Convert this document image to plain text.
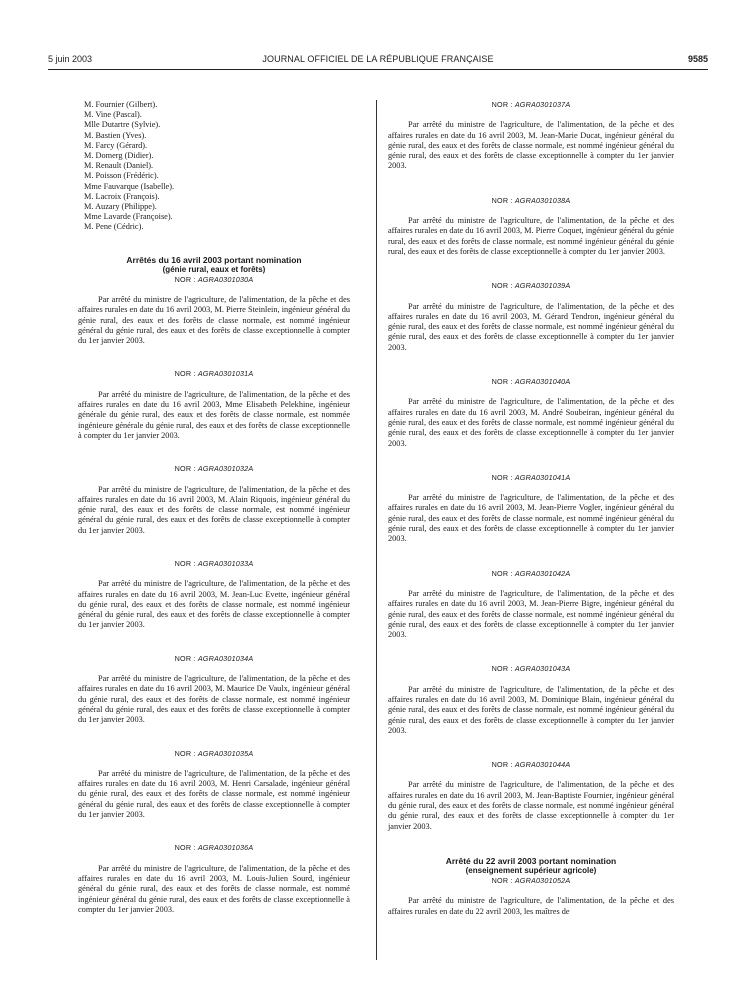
5 juin 2003	JOURNAL OFFICIEL DE LA RÉPUBLIQUE FRANÇAISE	9585
M. Fournier (Gilbert).
M. Vine (Pascal).
Mlle Dutartre (Sylvie).
M. Bastien (Yves).
M. Farcy (Gérard).
M. Domerg (Didier).
M. Renault (Daniel).
M. Poisson (Frédéric).
Mme Fauvarque (Isabelle).
M. Lacroix (François).
M. Auzary (Philippe).
Mme Lavarde (Françoise).
M. Pene (Cédric).

Arrêtés du 16 avril 2003 portant nomination

(génie rural, eaux et forêts)

NOR : AGRA0301030A

Par arrêté du ministre de l'agriculture, de l'alimentation, de la pêche et des affaires rurales en date du 16 avril 2003, M. Pierre Steinlein, ingénieur général du génie rural, des eaux et des forêts de classe normale, est nommé ingénieur général du génie rural, des eaux et des forêts de classe exceptionnelle à compter du 1er janvier 2003.

NOR : AGRA0301031A

Par arrêté du ministre de l'agriculture, de l'alimentation, de la pêche et des affaires rurales en date du 16 avril 2003, Mme Elisabeth Pelekhine, ingénieur générale du génie rural, des eaux et des forêts de classe normale, est nommée ingénieure générale du génie rural, des eaux et des forêts de classe exceptionnelle à compter du 1er janvier 2003.

NOR : AGRA0301032A

Par arrêté du ministre de l'agriculture, de l'alimentation, de la pêche et des affaires rurales en date du 16 avril 2003, M. Alain Riquois, ingénieur général du génie rural, des eaux et des forêts de classe normale, est nommé ingénieur général du génie rural, des eaux et des forêts de classe exceptionnelle à compter du 1er janvier 2003.

NOR : AGRA0301033A

Par arrêté du ministre de l'agriculture, de l'alimentation, de la pêche et des affaires rurales en date du 16 avril 2003, M. Jean-Luc Evette, ingénieur général du génie rural, des eaux et des forêts de classe normale, est nommé ingénieur général du génie rural, des eaux et des forêts de classe exceptionnelle à compter du 1er janvier 2003.

NOR : AGRA0301034A

Par arrêté du ministre de l'agriculture, de l'alimentation, de la pêche et des affaires rurales en date du 16 avril 2003, M. Maurice De Vaulx, ingénieur général du génie rural, des eaux et des forêts de classe normale, est nommé ingénieur général du génie rural, des eaux et des forêts de classe exceptionnelle à compter du 1er janvier 2003.

NOR : AGRA0301035A

Par arrêté du ministre de l'agriculture, de l'alimentation, de la pêche et des affaires rurales en date du 16 avril 2003, M. Henri Carsalade, ingénieur général du génie rural, des eaux et des forêts de classe normale, est nommé ingénieur général du génie rural, des eaux et des forêts de classe exceptionnelle à compter du 1er janvier 2003.

NOR : AGRA0301036A

Par arrêté du ministre de l'agriculture, de l'alimentation, de la pêche et des affaires rurales en date du 16 avril 2003, M. Louis-Julien Sourd, ingénieur général du génie rural, des eaux et des forêts de classe normale, est nommé ingénieur général du génie rural, des eaux et des forêts de classe exceptionnelle à compter du 1er janvier 2003.

NOR : AGRA0301037A

Par arrêté du ministre de l'agriculture, de l'alimentation, de la pêche et des affaires rurales en date du 16 avril 2003, M. Jean-Marie Ducat, ingénieur général du génie rural, des eaux et des forêts de classe normale, est nommé ingénieur général du génie rural, des eaux et des forêts de classe exceptionnelle à compter du 1er janvier 2003.

NOR : AGRA0301038A

Par arrêté du ministre de l'agriculture, de l'alimentation, de la pêche et des affaires rurales en date du 16 avril 2003, M. Pierre Coquet, ingénieur général du génie rural, des eaux et des forêts de classe normale, est nommé ingénieur général du génie rural, des eaux et des forêts de classe exceptionnelle à compter du 1er janvier 2003.

NOR : AGRA0301039A

Par arrêté du ministre de l'agriculture, de l'alimentation, de la pêche et des affaires rurales en date du 16 avril 2003, M. Gérard Tendron, ingénieur général du génie rural, des eaux et des forêts de classe normale, est nommé ingénieur général du génie rural, des eaux et des forêts de classe exceptionnelle à compter du 1er janvier 2003.

NOR : AGRA0301040A

Par arrêté du ministre de l'agriculture, de l'alimentation, de la pêche et des affaires rurales en date du 16 avril 2003, M. André Soubeiran, ingénieur général du génie rural, des eaux et des forêts de classe normale, est nommé ingénieur général du génie rural, des eaux et des forêts de classe exceptionnelle à compter du 1er janvier 2003.

NOR : AGRA0301041A

Par arrêté du ministre de l'agriculture, de l'alimentation, de la pêche et des affaires rurales en date du 16 avril 2003, M. Jean-Pierre Vogler, ingénieur général du génie rural, des eaux et des forêts de classe normale, est nommé ingénieur général du génie rural, des eaux et des forêts de classe exceptionnelle à compter du 1er janvier 2003.

NOR : AGRA0301042A

Par arrêté du ministre de l'agriculture, de l'alimentation, de la pêche et des affaires rurales en date du 16 avril 2003, M. Jean-Pierre Bigre, ingénieur général du génie rural, des eaux et des forêts de classe normale, est nommé ingénieur général du génie rural, des eaux et des forêts de classe exceptionnelle à compter du 1er janvier 2003.

NOR : AGRA0301043A

Par arrêté du ministre de l'agriculture, de l'alimentation, de la pêche et des affaires rurales en date du 16 avril 2003, M. Dominique Blain, ingénieur général du génie rural, des eaux et des forêts de classe normale, est nommé ingénieur général du génie rural, des eaux et des forêts de classe exceptionnelle à compter du 1er janvier 2003.

NOR : AGRA0301044A

Par arrêté du ministre de l'agriculture, de l'alimentation, de la pêche et des affaires rurales en date du 16 avril 2003, M. Jean-Baptiste Fournier, ingénieur général du génie rural, des eaux et des forêts de classe normale, est nommé ingénieur général du génie rural, des eaux et des forêts de classe exceptionnelle à compter du 1er janvier 2003.

Arrêté du 22 avril 2003 portant nomination

(enseignement supérieur agricole)

NOR : AGRA0301052A

Par arrêté du ministre de l'agriculture, de l'alimentation, de la pêche et des affaires rurales en date du 22 avril 2003, les maîtres de
